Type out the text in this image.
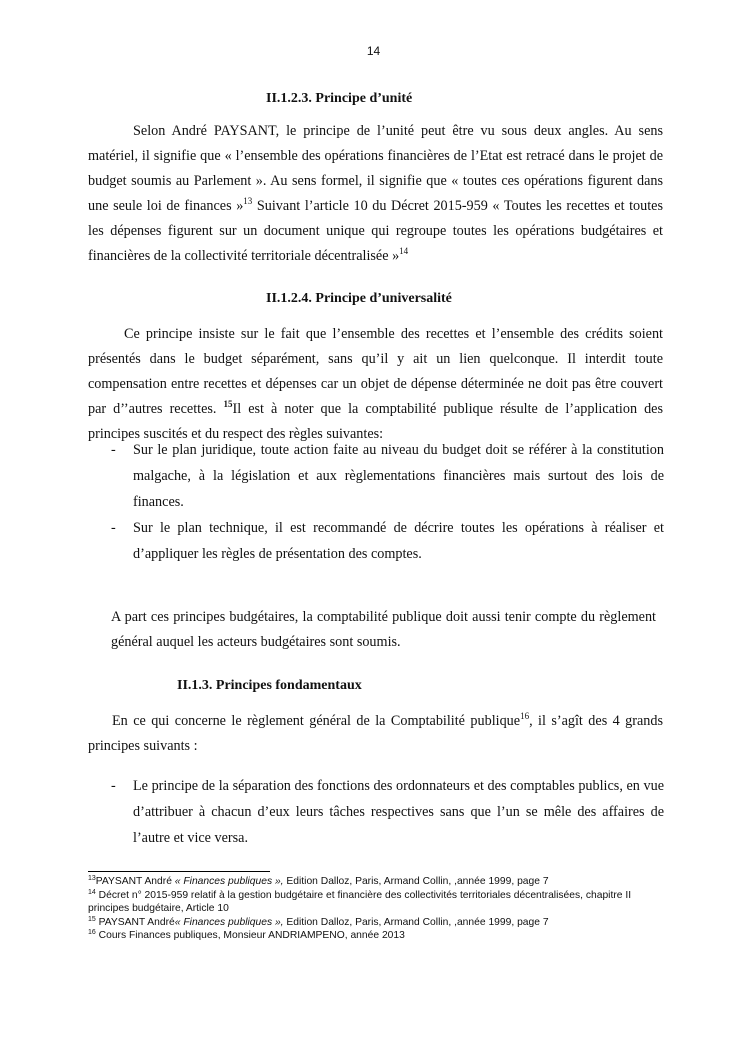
14
II.1.2.3. Principe d’unité

Selon André PAYSANT, le principe de l’unité peut être vu sous deux angles. Au sens matériel, il signifie que « l’ensemble des opérations financières de l’Etat est retracé dans le projet de budget soumis au Parlement ». Au sens formel, il signifie que « toutes ces opérations figurent dans une seule loi de finances »$^{13}$ Suivant l’article 10 du Décret 2015-959 « Toutes les recettes et toutes les dépenses figurent sur un document unique qui regroupe toutes les opérations budgétaires et financières de la collectivité territoriale décentralisée »$^{14}$

II.1.2.4. Principe d’universalité

Ce principe insiste sur le fait que l’ensemble des recettes et l’ensemble des crédits soient présentés dans le budget séparément, sans qu’il y ait un lien quelconque. Il interdit toute compensation entre recettes et dépenses car un objet de dépense déterminée ne doit pas être couvert par d’’autres recettes. $^{15}$Il est à noter que la comptabilité publique résulte de l’application des principes suscités et du respect des règles suivantes:

- Sur le plan juridique, toute action faite au niveau du budget doit se référer à la constitution malgache, à la législation et aux règlementations financières mais surtout des lois de finances.
- Sur le plan technique, il est recommandé de décrire toutes les opérations à réaliser et d’appliquer les règles de présentation des comptes.

A part ces principes budgétaires, la comptabilité publique doit aussi tenir compte du règlement général auquel les acteurs budgétaires sont soumis.

II.1.3. Principes fondamentaux

En ce qui concerne le règlement général de la Comptabilité publique$^{16}$, il s’agît des 4 grands principes suivants :

- Le principe de la séparation des fonctions des ordonnateurs et des comptables publics, en vue d’attribuer à chacun d’eux leurs tâches respectives sans que l’un se mêle des affaires de l’autre et vice versa.

$^{13}$PAYSANT André « Finances publiques », Edition Dalloz, Paris, Armand Collin, ,année 1999, page 7

$^{14}$ Décret n° 2015-959 relatif à la gestion budgétaire et financière des collectivités territoriales décentralisées, chapitre II principes budgétaire, Article 10

$^{15}$ PAYSANT André« Finances publiques », Edition Dalloz, Paris, Armand Collin, ,année 1999, page 7

$^{16}$ Cours Finances publiques, Monsieur ANDRIAMPENO, année 2013
